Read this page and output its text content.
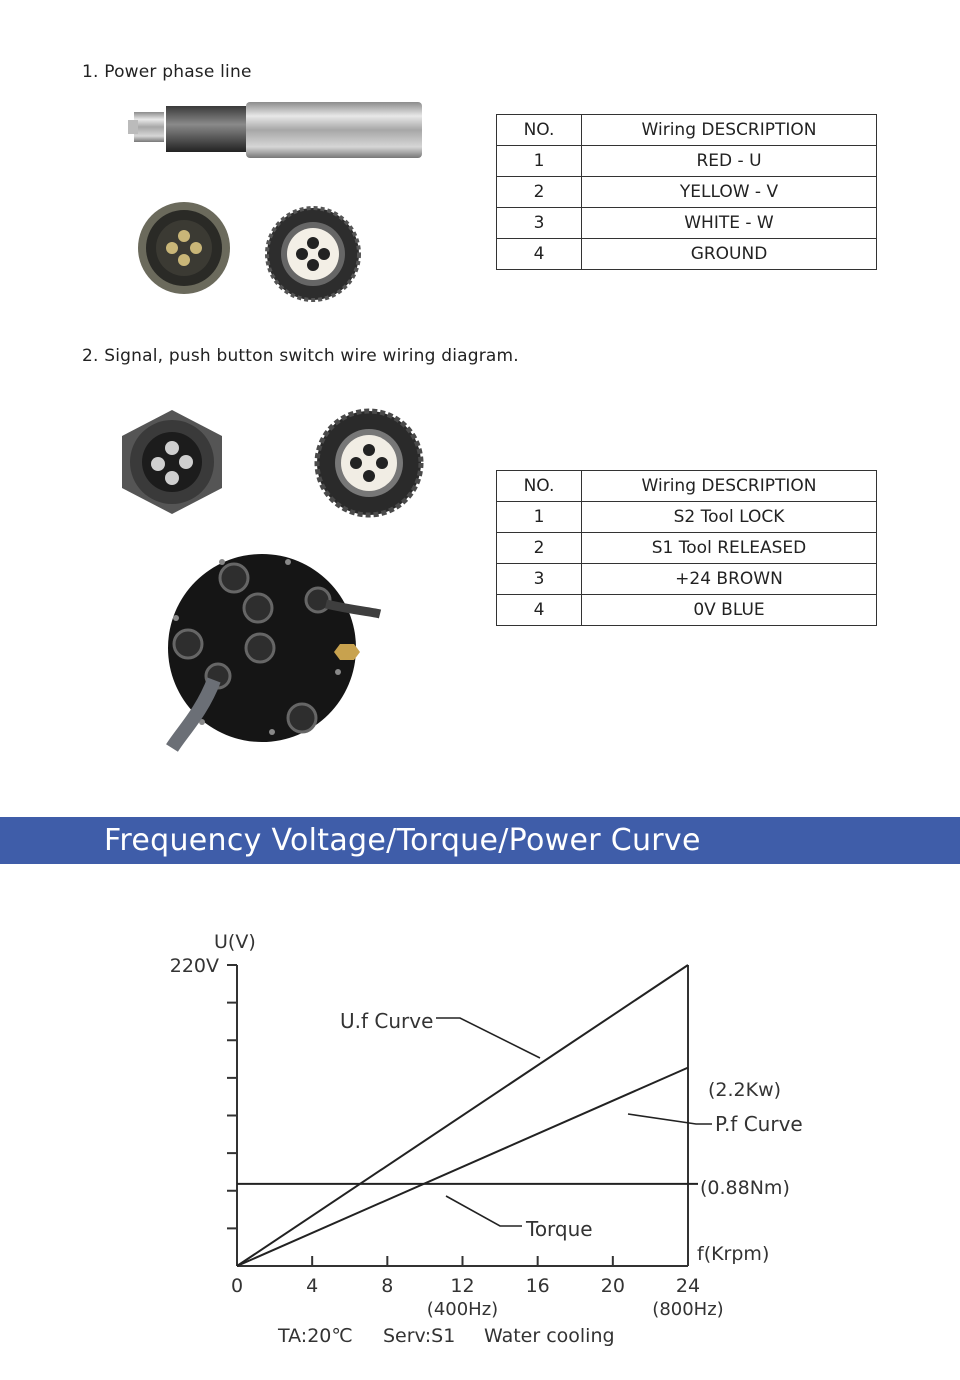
1. Power phase line
NO.	Wiring DESCRIPTION
1	RED - U
2	YELLOW - V
3	WHITE - W
4	GROUND
2. Signal, push button switch wire wiring diagram.
NO.	Wiring DESCRIPTION
1	S2 Tool LOCK
2	S1 Tool RELEASED
3	+24 BROWN
4	0V BLUE
Frequency Voltage/Torque/Power Curve
0	4	8	12	16	20	24
(400Hz)	(800Hz)
U(V)
220V
f(Krpm)
U.f Curve
(2.2Kw)
P.f Curve
(0.88Nm)
Torque
TA:20℃ Serv:S1 Water cooling
